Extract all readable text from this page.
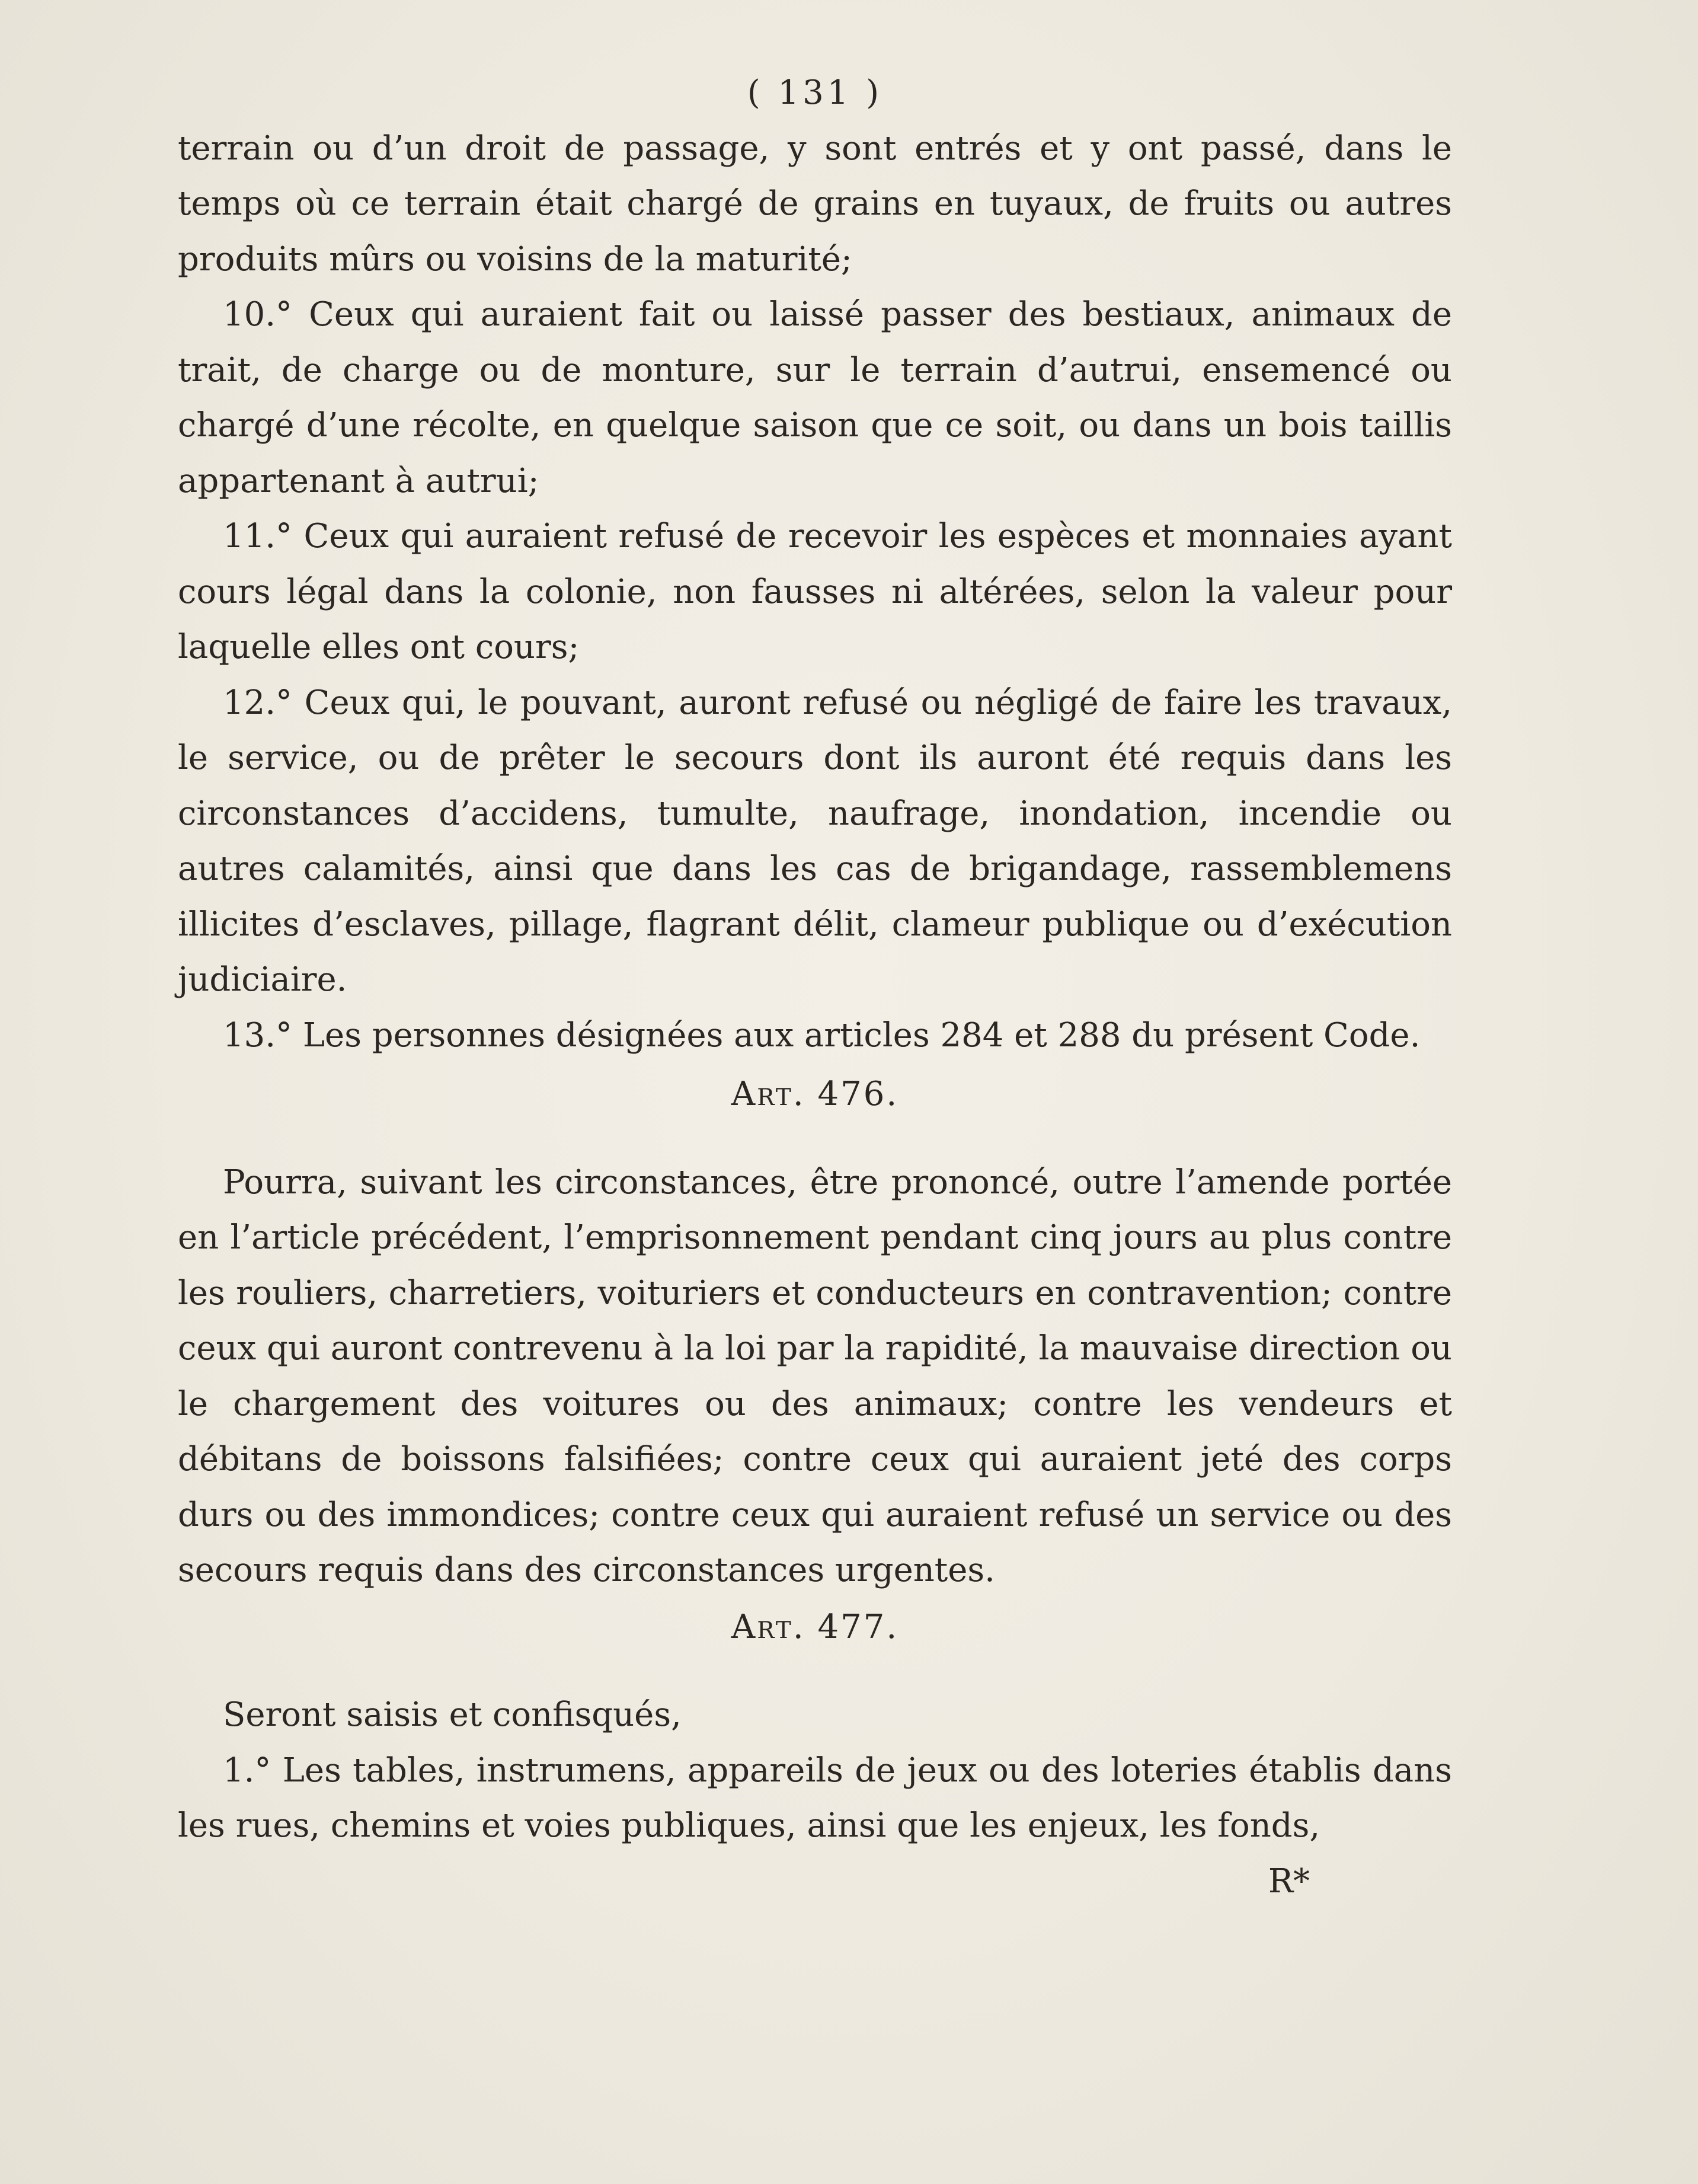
( 131 )

terrain ou d’un droit de passage, y sont entrés et y ont passé, dans le temps où ce terrain était chargé de grains en tuyaux, de fruits ou autres produits mûrs ou voisins de la maturité;

10.° Ceux qui auraient fait ou laissé passer des bestiaux, animaux de trait, de charge ou de monture, sur le terrain d’autrui, ensemencé ou chargé d’une récolte, en quelque saison que ce soit, ou dans un bois taillis appartenant à autrui;

11.° Ceux qui auraient refusé de recevoir les espèces et monnaies ayant cours légal dans la colonie, non fausses ni altérées, selon la valeur pour laquelle elles ont cours;

12.° Ceux qui, le pouvant, auront refusé ou négligé de faire les travaux, le service, ou de prêter le secours dont ils auront été requis dans les circonstances d’accidens, tumulte, naufrage, inondation, incendie ou autres calamités, ainsi que dans les cas de brigandage, rassemblemens illicites d’esclaves, pillage, flagrant délit, clameur publique ou d’exécution judiciaire.

13.° Les personnes désignées aux articles 284 et 288 du présent Code.

Art. 476.

Pourra, suivant les circonstances, être prononcé, outre l’amende portée en l’article précédent, l’emprisonnement pendant cinq jours au plus contre les rouliers, charretiers, voituriers et conducteurs en contravention; contre ceux qui auront contrevenu à la loi par la rapidité, la mauvaise direction ou le chargement des voitures ou des animaux; contre les vendeurs et débitans de boissons falsifiées; contre ceux qui auraient jeté des corps durs ou des immondices; contre ceux qui auraient refusé un service ou des secours requis dans des circonstances urgentes.

Art. 477.

Seront saisis et confisqués,

1.° Les tables, instrumens, appareils de jeux ou des loteries établis dans les rues, chemins et voies publiques, ainsi que les enjeux, les fonds,

R*
